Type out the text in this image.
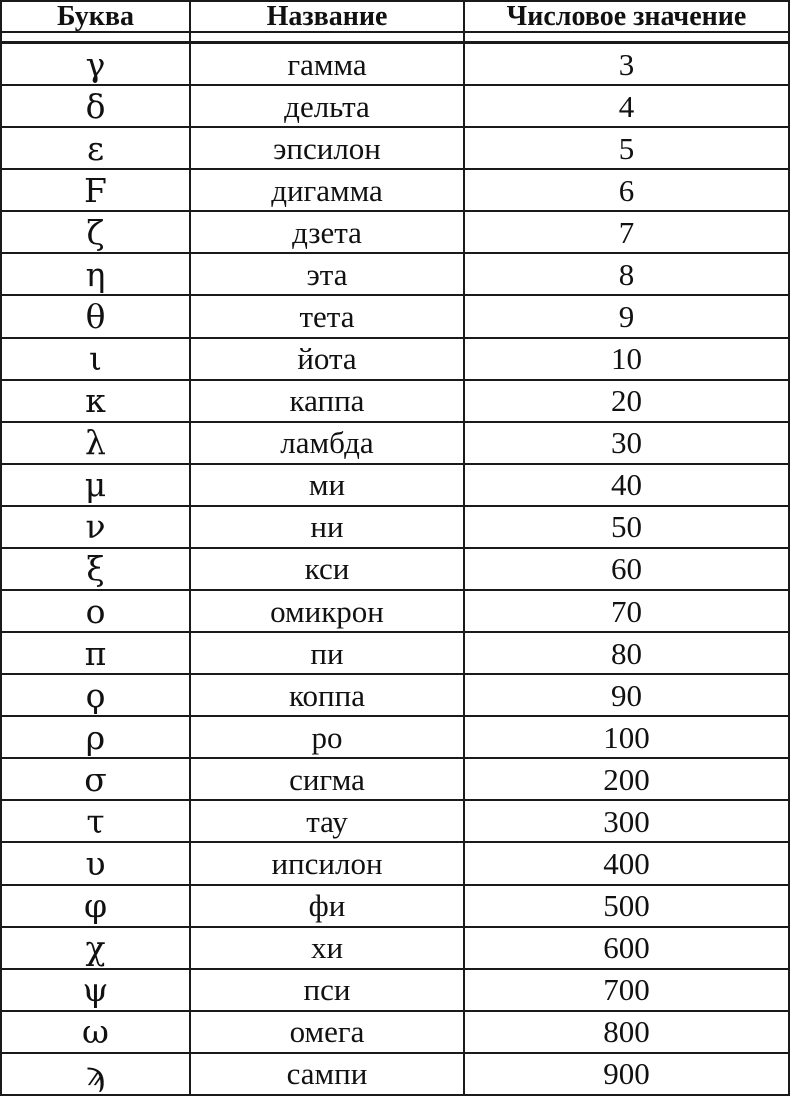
Буква	Название	Числовое значение
γ	гамма	3
δ	дельта	4
ε	эпсилон	5
Ϝ	дигамма	6
ζ	дзета	7
η	эта	8
θ	тета	9
ι	йота	10
κ	каппа	20
λ	ламбда	30
μ	ми	40
ν	ни	50
ξ	кси	60
ο	омикрон	70
π	пи	80
ϙ	коппа	90
ρ	ро	100
σ	сигма	200
τ	тау	300
υ	ипсилон	400
φ	фи	500
χ	хи	600
ψ	пси	700
ω	омега	800
ϡ	сампи	900
